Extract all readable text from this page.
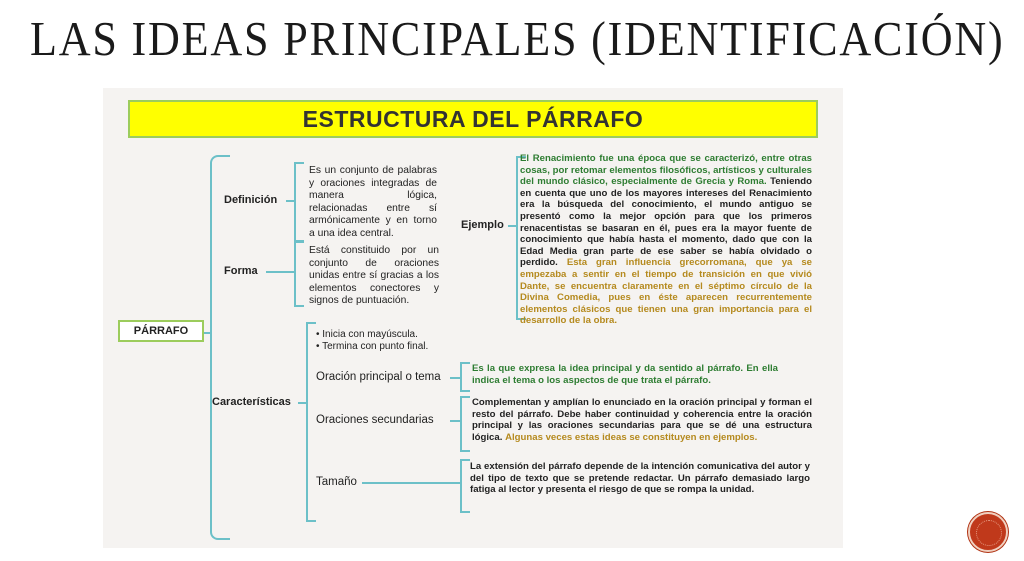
LAS IDEAS PRINCIPALES (IDENTIFICACIÓN)
ESTRUCTURA DEL PÁRRAFO
PÁRRAFO
Definición
Es un conjunto de palabras y oraciones integradas de manera lógica, relacionadas entre sí armónicamente y en torno a una idea central.
Forma
Está constituido por un conjunto de oraciones unidas entre sí gracias a los elementos conectores y signos de puntuación.
Ejemplo
El Renacimiento fue una época que se caracterizó, entre otras cosas, por retomar elementos filosóficos, artísticos y culturales del mundo clásico, especialmente de Grecia y Roma. Teniendo en cuenta que uno de los mayores intereses del Renacimiento era la búsqueda del conocimiento, el mundo antiguo se presentó como la mejor opción para que los primeros renacentistas se basaran en él, pues era la mayor fuente de conocimiento que había hasta el momento, dado que con la Edad Media gran parte de ese saber se había olvidado o perdido. Esta gran influencia grecorromana, que ya se empezaba a sentir en el tiempo de transición en que vivió Dante, se encuentra claramente en el séptimo círculo de la Divina Comedia, pues en éste aparecen recurrentemente elementos clásicos que tienen una gran importancia para el desarrollo de la obra.
Características
• Inicia con mayúscula.
• Termina con punto final.
Oración principal o tema
Es la que expresa la idea principal y da sentido al párrafo. En ella indica el tema o los aspectos de que trata el párrafo.
Oraciones secundarias
Complementan y amplían lo enunciado en la oración principal y forman el resto del párrafo. Debe haber continuidad y coherencia entre la oración principal y las oraciones secundarias para que se dé una estructura lógica. Algunas veces estas ideas se constituyen en ejemplos.
Tamaño
La extensión del párrafo depende de la intención comunicativa del autor y del tipo de texto que se pretende redactar. Un párrafo demasiado largo fatiga al lector y presenta el riesgo de que se rompa la unidad.
